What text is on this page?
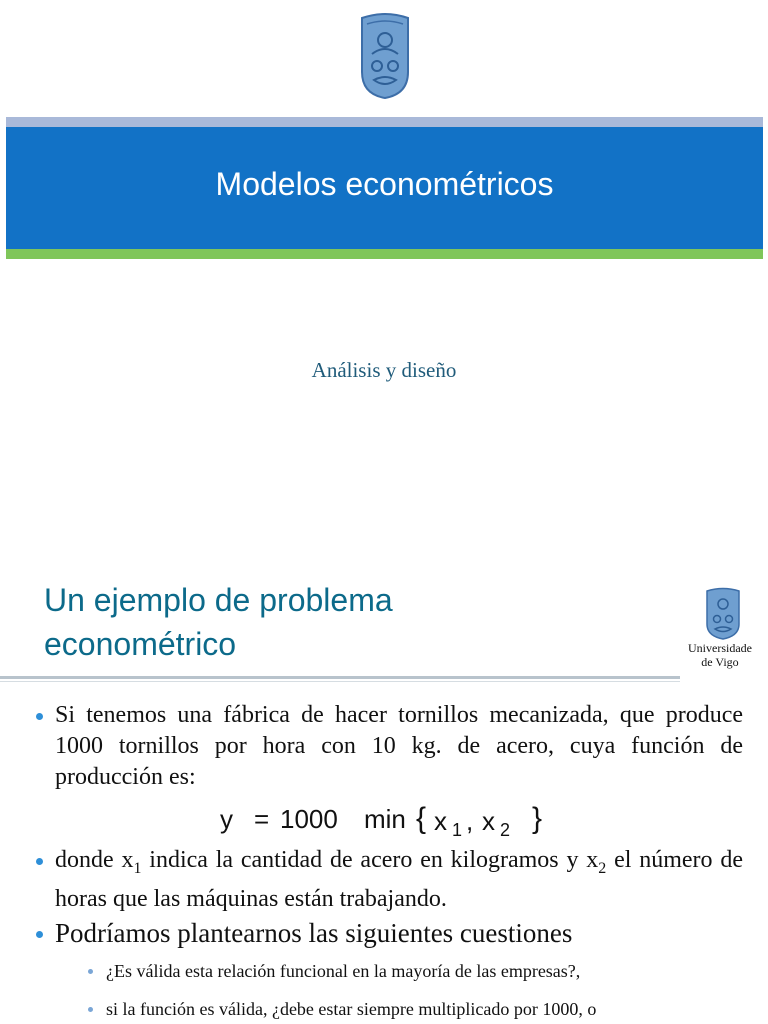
Modelos econométricos
Análisis y diseño
Un ejemplo de problema
econométrico	Universidade
de Vigo
Si tenemos una fábrica de hacer tornillos mecanizada, que produce 1000 tornillos por hora con 10 kg. de acero, cuya función de producción es:
y = 1000 min { x 1 , x 2 }
donde $x_1$ indica la cantidad de acero en kilogramos y $x_2$ el número de horas que las máquinas están trabajando.
Podríamos plantearnos las siguientes cuestiones
¿Es válida esta relación funcional en la mayoría de las empresas?,
si la función es válida, ¿debe estar siempre multiplicado por 1000, o
